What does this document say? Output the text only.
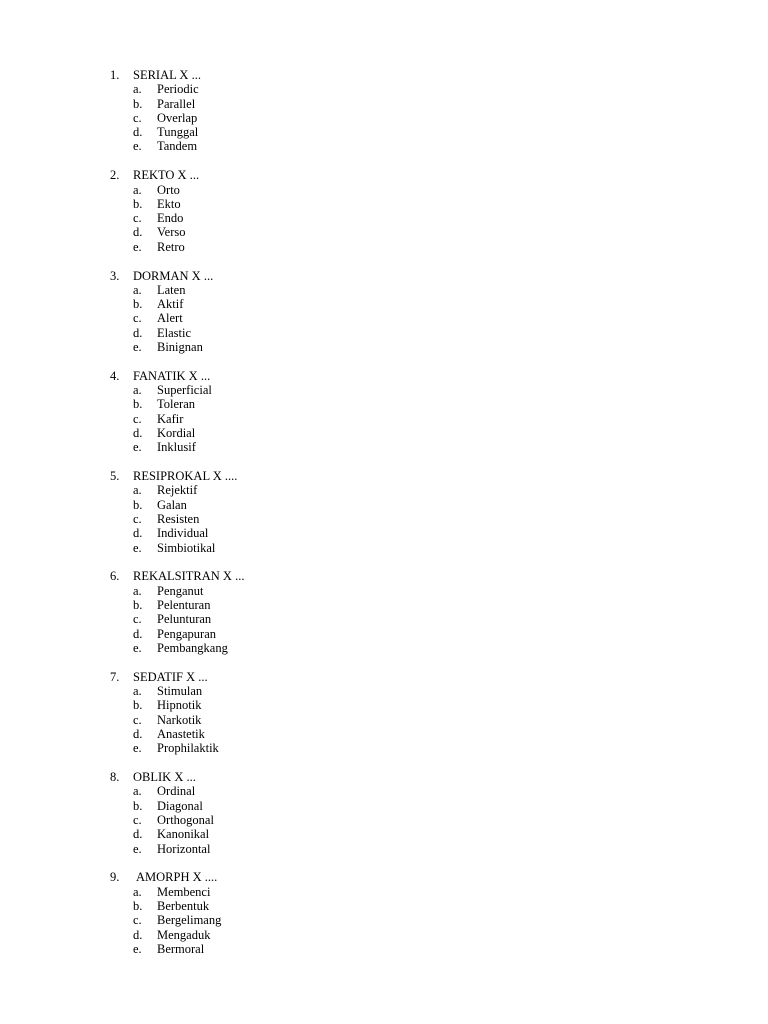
1. SERIAL X ...
a. Periodic
b. Parallel
c. Overlap
d. Tunggal
e. Tandem
2. REKTO X ...
a. Orto
b. Ekto
c. Endo
d. Verso
e. Retro
3. DORMAN X ...
a. Laten
b. Aktif
c. Alert
d. Elastic
e. Binignan
4. FANATIK X ...
a. Superficial
b. Toleran
c. Kafir
d. Kordial
e. Inklusif
5. RESIPROKAL X ....
a. Rejektif
b. Galan
c. Resisten
d. Individual
e. Simbiotikal
6. REKALSITRAN X ...
a. Penganut
b. Pelenturan
c. Pelunturan
d. Pengapuran
e. Pembangkang
7. SEDATIF X ...
a. Stimulan
b. Hipnotik
c. Narkotik
d. Anastetik
e. Prophilaktik
8. OBLIK X ...
a. Ordinal
b. Diagonal
c. Orthogonal
d. Kanonikal
e. Horizontal
9. AMORPH X ....
a. Membenci
b. Berbentuk
c. Bergelimang
d. Mengaduk
e. Bermoral
